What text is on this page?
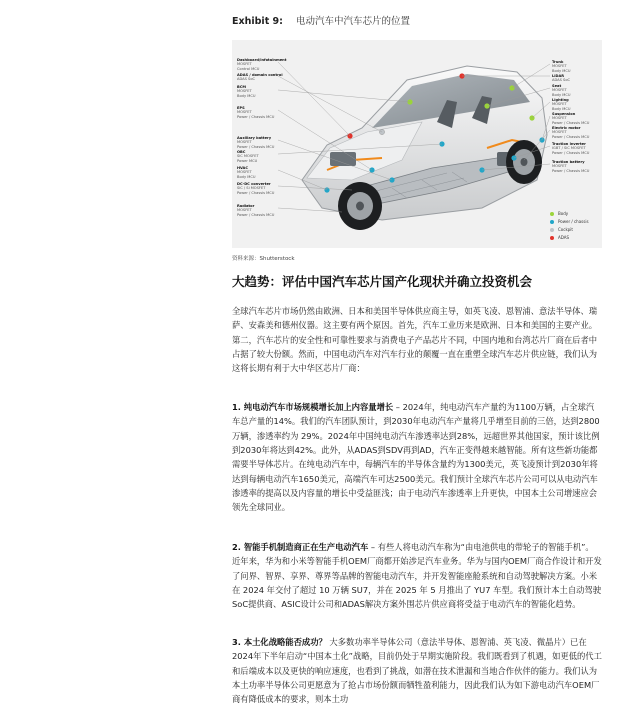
Exhibit 9: 电动汽车中汽车芯片的位置
Dashboard/infotainment
MOSFET
Control MCU
ADAS / domain control
ADAS SoC
BCM
MOSFET
Body MCU
EPS
MOSFET
Power / Chassis MCU
Auxiliary battery
MOSFET
Power / Chassis MCU
OBC
SiC MOSFET
Power MCU
HVAC
MOSFET
Body MCU
DC-DC converter
SiC / Si MOSFET
Power / Chassis MCU
Radiator
MOSFET
Power / Chassis MCU
Trunk
MOSFET
Body MCU
LiDAR
ADAS SoC
Seat
MOSFET
Body MCU
Lighting
MOSFET
Body MCU
Suspension
MOSFET
Power / Chassis MCU
Electric motor
MOSFET
Power / Chassis MCU
Traction inverter
IGBT / SiC MOSFET
Power / Chassis MCU
Traction battery
MOSFET
Power / Chassis MCU
Body
Power / chassis
Cockpit
ADAS
资料来源：Shutterstock
大趋势：评估中国汽车芯片国产化现状并确立投资机会

全球汽车芯片市场仍然由欧洲、日本和美国半导体供应商主导，如英飞凌、恩智浦、意法半导体、瑞萨、安森美和德州仪器。这主要有两个原因。首先，汽车工业历来是欧洲、日本和美国的主要产业。第二，汽车芯片的安全性和可靠性要求与消费电子产品芯片不同，中国内地和台湾芯片厂商在后者中占据了较大份额。然而，中国电动汽车对汽车行业的颠覆一直在重塑全球汽车芯片供应链，我们认为这将长期有利于大中华区芯片厂商：

1. 纯电动汽车市场规模增长加上内容量增长 – 2024年，纯电动汽车产量约为1100万辆，占全球汽车总产量的14%。我们的汽车团队预计，到2030年电动汽车产量将几乎增至目前的三倍，达到2800万辆，渗透率约为 29%。2024年中国纯电动汽车渗透率达到28%，远超世界其他国家，预计该比例到2030年将达到42%。此外，从ADAS到SDV再到AD，汽车正变得越来越智能。所有这些新功能都需要半导体芯片。在纯电动汽车中，每辆汽车的半导体含量约为1300美元，英飞凌预计到2030年将达到每辆电动汽车1650美元，高端汽车可达2500美元。我们预计全球汽车芯片公司可以从电动汽车渗透率的提高以及内容量的增长中受益匪浅；由于电动汽车渗透率上升更快，中国本土公司增速应会领先全球同业。

2. 智能手机制造商正在生产电动汽车 – 有些人将电动汽车称为“由电池供电的带轮子的智能手机”。近年来，华为和小米等智能手机OEM厂商都开始涉足汽车业务。华为与国内OEM厂商合作设计和开发了问界、智界、享界、尊界等品牌的智能电动汽车，并开发智能座舱系统和自动驾驶解决方案。小米在 2024 年交付了超过 10 万辆 SU7，并在 2025 年 5 月推出了 YU7 车型。我们预计本土自动驾驶SoC提供商、ASIC设计公司和ADAS解决方案外围芯片供应商将受益于电动汽车的智能化趋势。

3. 本土化战略能否成功？ 大多数功率半导体公司（意法半导体、恩智浦、英飞凌、微晶片）已在2024年下半年启动“中国本土化”战略，目前仍处于早期实施阶段。我们既看到了机遇，如更低的代工和后端成本以及更快的响应速度，也看到了挑战，如潜在技术泄漏和当地合作伙伴的能力。我们认为本土功率半导体公司更愿意为了抢占市场份额而牺牲盈利能力，因此我们认为如下游电动汽车OEM厂商有降低成本的要求，则本土功
